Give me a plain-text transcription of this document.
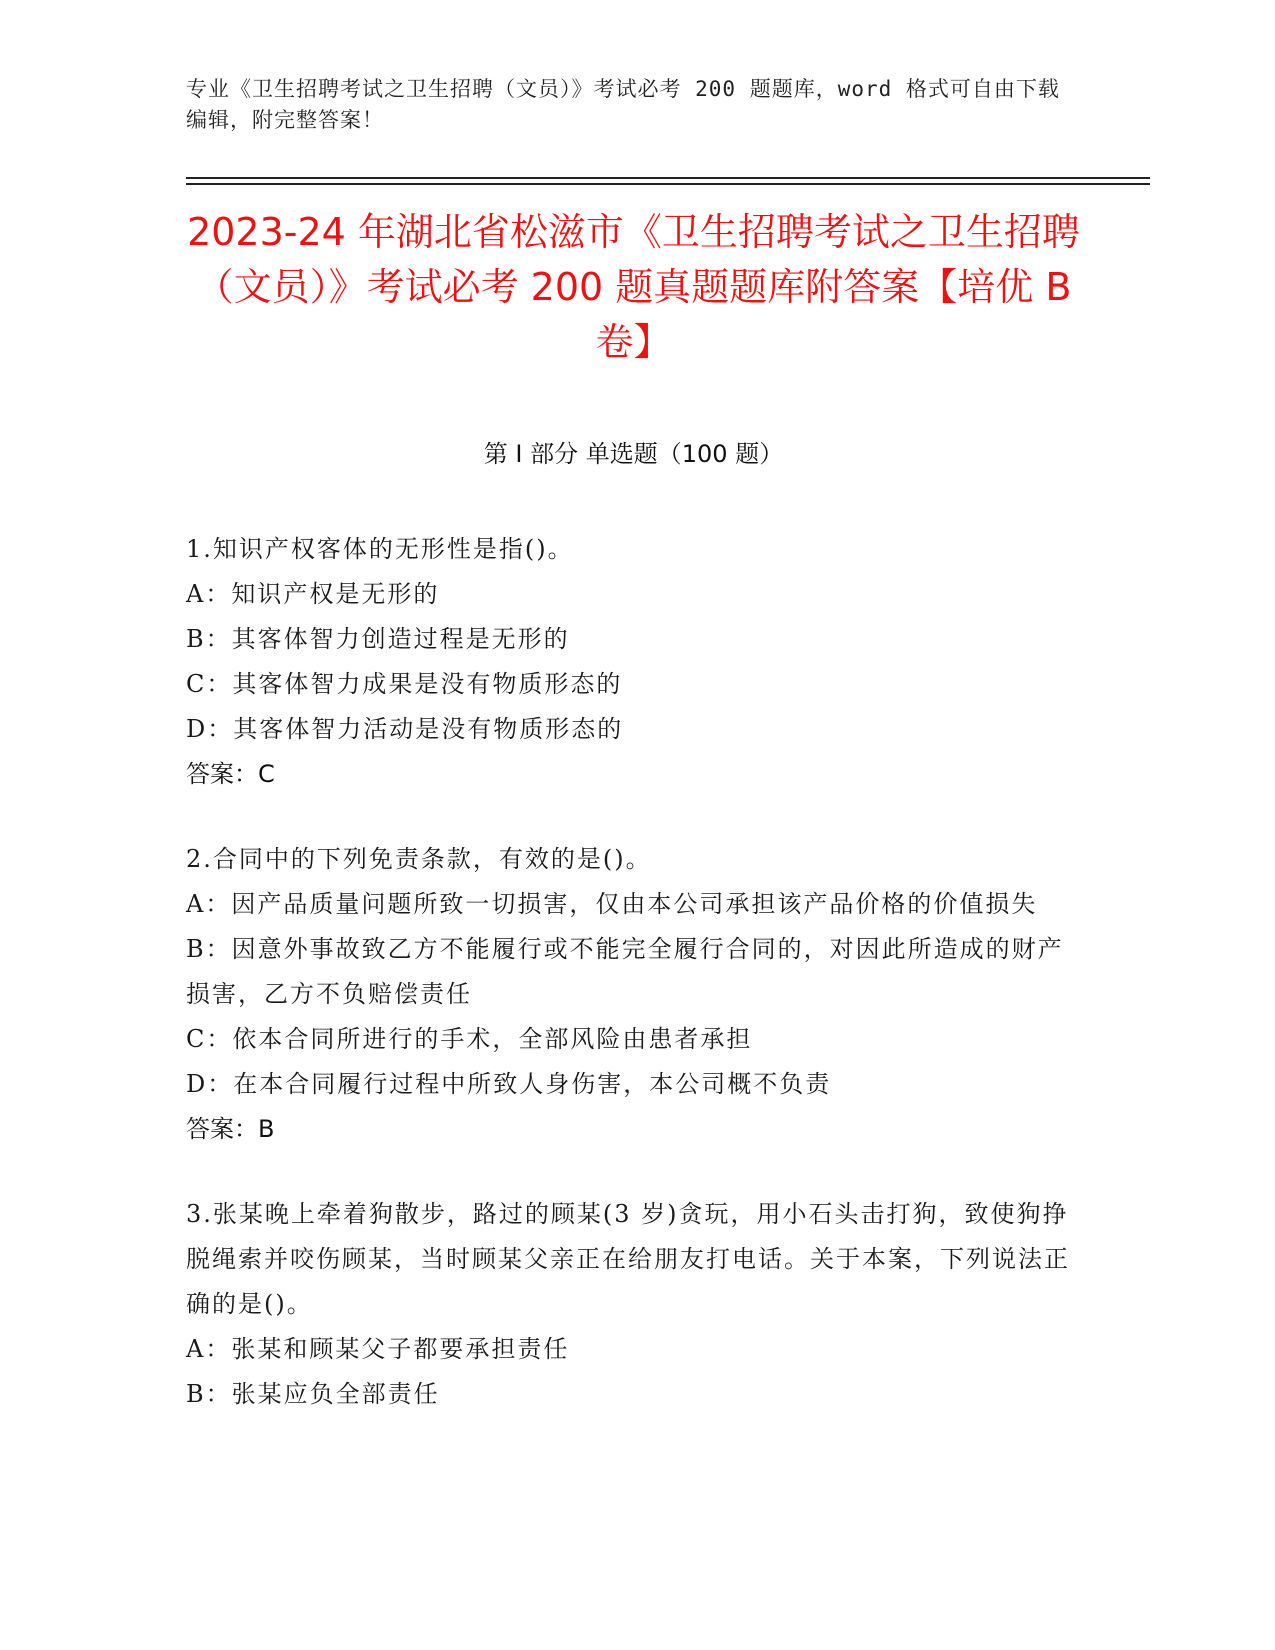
专业《卫生招聘考试之卫生招聘（文员）》考试必考 200 题题库，word 格式可自由下载编辑，附完整答案！
2023-24 年湖北省松滋市《卫生招聘考试之卫生招聘（文员）》考试必考 200 题真题题库附答案【培优 B 卷】
第 I 部分 单选题（100 题）
1.知识产权客体的无形性是指()。
A：知识产权是无形的
B：其客体智力创造过程是无形的
C：其客体智力成果是没有物质形态的
D：其客体智力活动是没有物质形态的
答案：C
2.合同中的下列免责条款，有效的是()。
A：因产品质量问题所致一切损害，仅由本公司承担该产品价格的价值损失
B：因意外事故致乙方不能履行或不能完全履行合同的，对因此所造成的财产损害，乙方不负赔偿责任
C：依本合同所进行的手术，全部风险由患者承担
D：在本合同履行过程中所致人身伤害，本公司概不负责
答案：B
3.张某晚上牵着狗散步，路过的顾某(3 岁)贪玩，用小石头击打狗，致使狗挣脱绳索并咬伤顾某，当时顾某父亲正在给朋友打电话。关于本案，下列说法正确的是()。
A：张某和顾某父子都要承担责任
B：张某应负全部责任
